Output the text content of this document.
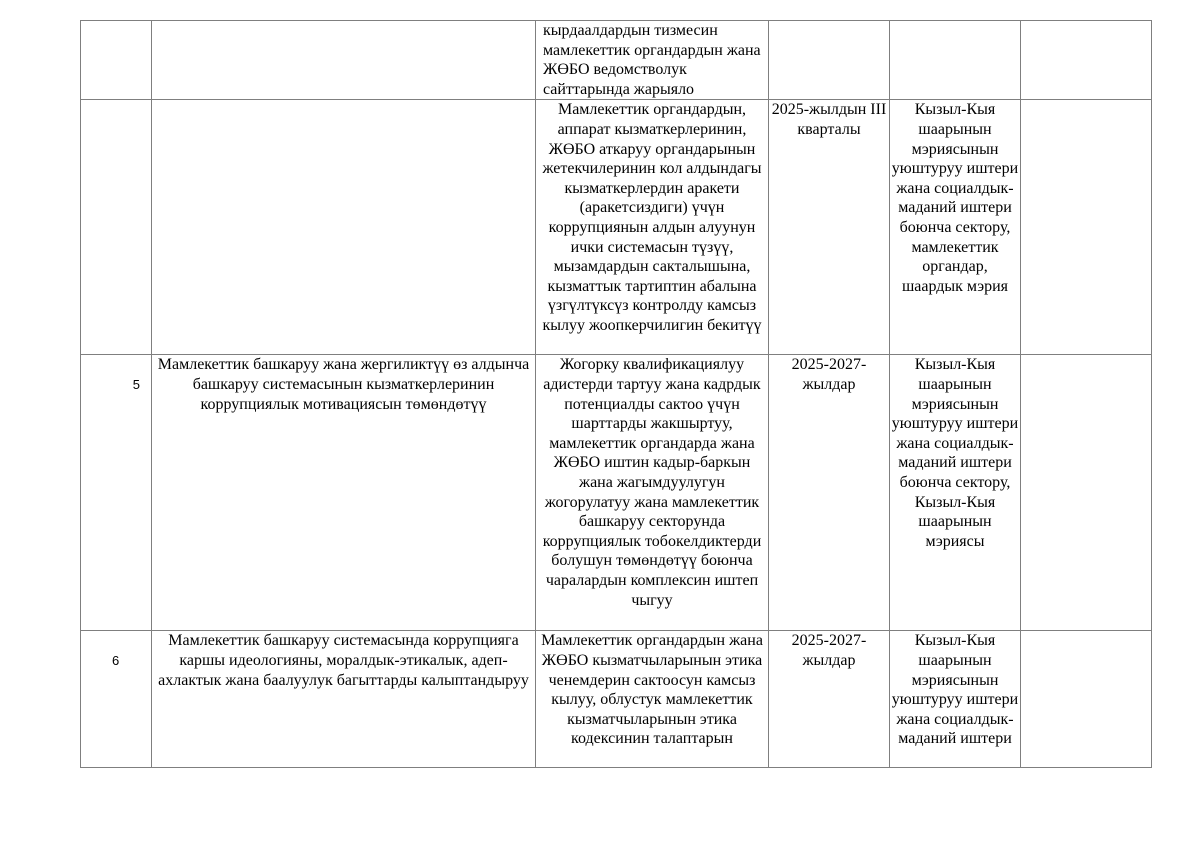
		кырдаалдардын тизмесин мамлекеттик органдардын жана ЖӨБО ведомстволук сайттарында жарыяло			
		Мамлекеттик органдардын, аппарат кызматкерлеринин, ЖӨБО аткаруу органдарынын жетекчилеринин кол алдындагы кызматкерлердин аракети (аракетсиздиги) үчүн коррупциянын алдын алуунун ички системасын түзүү, мызамдардын сакталышына, кызматтык тартиптин абалына үзгүлтүксүз контролду камсыз кылуу жоопкерчилигин бекитүү	2025-жылдын III кварталы	Кызыл-Кыя шаарынын мэриясынын уюштуруу иштери жана социалдык-маданий иштери боюнча сектору, мамлекеттик органдар, шаардык мэрия	
5	Мамлекеттик башкаруу жана жергиликтүү өз алдынча башкаруу системасынын кызматкерлеринин коррупциялык мотивациясын төмөндөтүү	Жогорку квалификациялуу адистерди тартуу жана кадрдык потенциалды сактоо үчүн шарттарды жакшыртуу, мамлекеттик органдарда жана ЖӨБО иштин кадыр-баркын жана жагымдуулугун жогорулатуу жана мамлекеттик башкаруу секторунда коррупциялык тобокелдиктерди болушун төмөндөтүү боюнча чаралардын комплексин иштеп чыгуу	2025-2027-жылдар	Кызыл-Кыя шаарынын мэриясынын уюштуруу иштери жана социалдык-маданий иштери боюнча сектору, Кызыл-Кыя шаарынын мэриясы	
6	Мамлекеттик башкаруу системасында коррупцияга каршы идеологияны, моралдык-этикалык, адеп-ахлактык жана баалуулук багыттарды калыптандыруу	Мамлекеттик органдардын жана ЖӨБО кызматчыларынын этика ченемдерин сактоосун камсыз кылуу, облустук мамлекеттик кызматчыларынын этика кодексинин талаптарын	2025-2027-жылдар	Кызыл-Кыя шаарынын мэриясынын уюштуруу иштери жана социалдык-маданий иштери	
